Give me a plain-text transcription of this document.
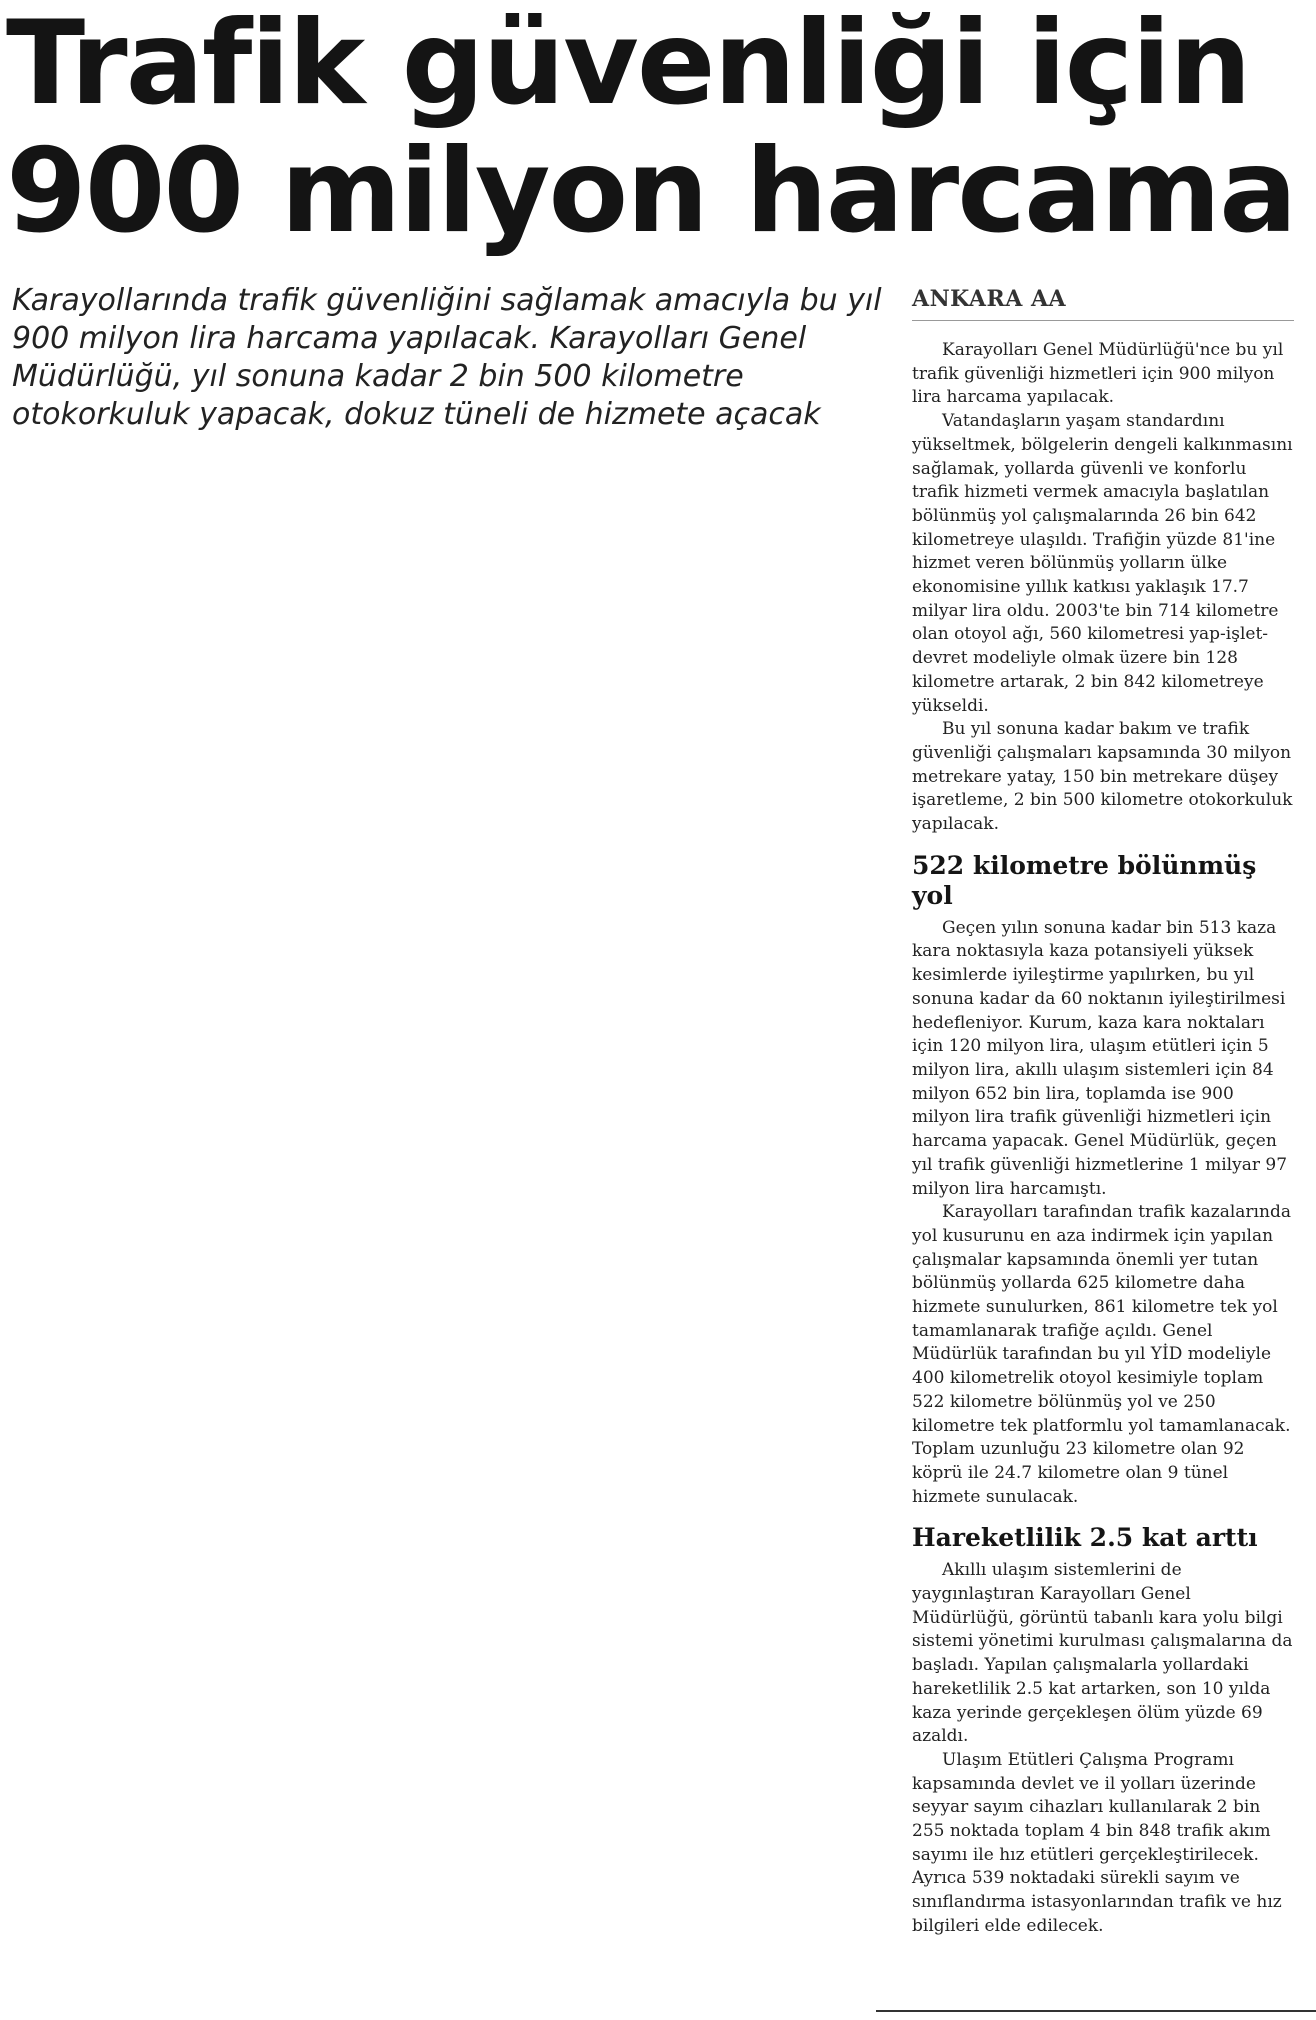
Trafik güvenliği için
900 milyon harcama

Karayollarında trafik güvenliğini sağlamak amacıyla bu yıl 900 milyon lira harcama yapılacak. Karayolları Genel Müdürlüğü, yıl sonuna kadar 2 bin 500 kilometre otokorkuluk yapacak, dokuz tüneli de hizmete açacak

ANKARA AA

Karayolları Genel Müdürlüğü'nce bu yıl trafik güvenliği hizmetleri için 900 milyon lira harcama yapılacak.

Vatandaşların yaşam standardını yükseltmek, bölgelerin dengeli kalkınmasını sağlamak, yollarda güvenli ve konforlu trafik hizmeti vermek amacıyla başlatılan bölünmüş yol çalışmalarında 26 bin 642 kilometreye ulaşıldı. Trafiğin yüzde 81'ine hizmet veren bölünmüş yolların ülke ekonomisine yıllık katkısı yaklaşık 17.7 milyar lira oldu. 2003'te bin 714 kilometre olan otoyol ağı, 560 kilometresi yap-işlet-devret modeliyle olmak üzere bin 128 kilometre artarak, 2 bin 842 kilometreye yükseldi.

Bu yıl sonuna kadar bakım ve trafik güvenliği çalışmaları kapsamında 30 milyon metrekare yatay, 150 bin metrekare düşey işaretleme, 2 bin 500 kilometre otokorkuluk yapılacak.

522 kilometre bölünmüş yol

Geçen yılın sonuna kadar bin 513 kaza kara noktasıyla kaza potansiyeli yüksek kesimlerde iyileştirme yapılırken, bu yıl sonuna kadar da 60 noktanın iyileştirilmesi hedefleniyor. Kurum, kaza kara noktaları için 120 milyon lira, ulaşım etütleri için 5 milyon lira, akıllı ulaşım sistemleri için 84 milyon 652 bin lira, toplamda ise 900 milyon lira trafik güvenliği hizmetleri için harcama yapacak. Genel Müdürlük, geçen yıl trafik güvenliği hizmetlerine 1 milyar 97 milyon lira harcamıştı.

Karayolları tarafından trafik kazalarında yol kusurunu en aza indirmek için yapılan çalışmalar kapsamında önemli yer tutan bölünmüş yollarda 625 kilometre daha hizmete sunulurken, 861 kilometre tek yol tamamlanarak trafiğe açıldı. Genel Müdürlük tarafından bu yıl YİD modeliyle 400 kilometrelik otoyol kesimiyle toplam 522 kilometre bölünmüş yol ve 250 kilometre tek platformlu yol tamamlanacak. Toplam uzunluğu 23 kilometre olan 92 köprü ile 24.7 kilometre olan 9 tünel hizmete sunulacak.

Hareketlilik 2.5 kat arttı

Akıllı ulaşım sistemlerini de yaygınlaştıran Karayolları Genel Müdürlüğü, görüntü tabanlı kara yolu bilgi sistemi yönetimi kurulması çalışmalarına da başladı. Yapılan çalışmalarla yollardaki hareketlilik 2.5 kat artarken, son 10 yılda kaza yerinde gerçekleşen ölüm yüzde 69 azaldı.

Ulaşım Etütleri Çalışma Programı kapsamında devlet ve il yolları üzerinde seyyar sayım cihazları kullanılarak 2 bin 255 noktada toplam 4 bin 848 trafik akım sayımı ile hız etütleri gerçekleştirilecek. Ayrıca 539 noktadaki sürekli sayım ve sınıflandırma istasyonlarından trafik ve hız bilgileri elde edilecek.
